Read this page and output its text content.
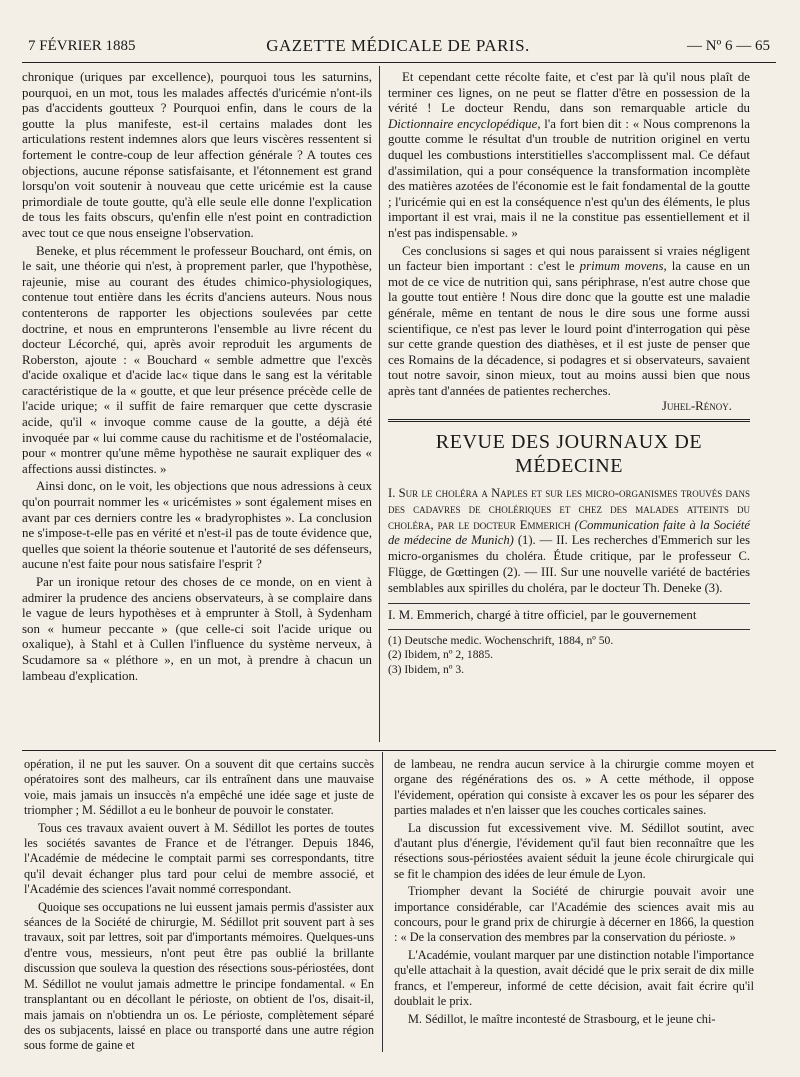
7 FÉVRIER 1885	GAZETTE MÉDICALE DE PARIS.	— Nº 6 — 65

chronique (uriques par excellence), pourquoi tous les saturnins, pourquoi, en un mot, tous les malades affectés d'uricémie n'ont-ils pas d'accidents goutteux ? Pourquoi enfin, dans le cours de la goutte la plus manifeste, est-il certains malades dont les articulations restent indemnes alors que leurs viscères ressentent si fortement le contre-coup de leur affection générale ? A toutes ces objections, aucune réponse satisfaisante, et l'étonnement est grand lorsqu'on voit soutenir à nouveau que cette uricémie est la cause primordiale de toute goutte, qu'à elle seule elle donne l'explication de tous les faits obscurs, qu'enfin elle n'est point en contradiction avec tout ce que nous enseigne l'observation.

Beneke, et plus récemment le professeur Bouchard, ont émis, on le sait, une théorie qui n'est, à proprement parler, que l'hypothèse, rajeunie, mise au courant des études chimico-physiologiques, contenue tout entière dans les écrits d'anciens auteurs. Nous nous contenterons de rapporter les objections soulevées par cette doctrine, et nous en emprunterons l'ensemble au livre récent du docteur Lécorché, qui, après avoir reproduit les arguments de Roberston, ajoute : « Bouchard « semble admettre que l'excès d'acide oxalique et d'acide lac« tique dans le sang est la véritable caractéristique de la « goutte, et que leur présence précède celle de l'acide urique; « il suffit de faire remarquer que cette dyscrasie acide, qu'il « invoque comme cause de la goutte, a déjà été invoquée par « lui comme cause du rachitisme et de l'ostéomalacie, pour « montrer qu'une même hypothèse ne saurait expliquer des « affections aussi distinctes. »

Ainsi donc, on le voit, les objections que nous adressions à ceux qu'on pourrait nommer les « uricémistes » sont également mises en avant par ces derniers contre les « bradyrophistes ». La conclusion ne s'impose-t-elle pas en vérité et n'est-il pas de toute évidence que, quelles que soient la théorie soutenue et l'autorité de ses défenseurs, aucune n'est faite pour nous satisfaire l'esprit ?

Par un ironique retour des choses de ce monde, on en vient à admirer la prudence des anciens observateurs, à se complaire dans le vague de leurs hypothèses et à emprunter à Stoll, à Sydenham son « humeur peccante » (que celle-ci soit l'acide urique ou oxalique), à Stahl et à Cullen l'influence du système nerveux, à Scudamore sa « pléthore », en un mot, à prendre à chacun un lambeau d'explication.

Et cependant cette récolte faite, et c'est par là qu'il nous plaît de terminer ces lignes, on ne peut se flatter d'être en possession de la vérité ! Le docteur Rendu, dans son remarquable article du Dictionnaire encyclopédique, l'a fort bien dit : « Nous comprenons la goutte comme le résultat d'un trouble de nutrition originel en vertu duquel les combustions interstitielles s'accomplissent mal. Ce défaut d'assimilation, qui a pour conséquence la transformation incomplète des matières azotées de l'économie est le fait fondamental de la goutte ; l'uricémie qui en est la conséquence n'est qu'un des éléments, le plus important il est vrai, mais il ne la constitue pas essentiellement et il n'est pas indispensable. »

Ces conclusions si sages et qui nous paraissent si vraies négligent un facteur bien important : c'est le primum movens, la cause en un mot de ce vice de nutrition qui, sans périphrase, n'est autre chose que la goutte tout entière ! Nous dire donc que la goutte est une maladie générale, même en tentant de nous le dire sous une forme aussi scientifique, ce n'est pas lever le lourd point d'interrogation qui pèse sur cette grande question des diathèses, et il est juste de penser que ces Romains de la décadence, si podagres et si observateurs, savaient tout notre savoir, sinon mieux, tout au moins aussi bien que nous après tant d'années de patientes recherches.

Juhel-Rénoy.
REVUE DES JOURNAUX DE MÉDECINE

I. Sur le choléra a Naples et sur les micro-organismes trouvés dans des cadavres de cholériques et chez des malades atteints du choléra, par le docteur Emmerich (Communication faite à la Société de médecine de Munich) (1). — II. Les recherches d'Emmerich sur les micro-organismes du choléra. Étude critique, par le professeur C. Flügge, de Gœttingen (2). — III. Sur une nouvelle variété de bactéries semblables aux spirilles du choléra, par le docteur Th. Deneke (3).

I. M. Emmerich, chargé à titre officiel, par le gouvernement

(1) Deutsche medic. Wochenschrift, 1884, nº 50.
(2) Ibidem, nº 2, 1885.
(3) Ibidem, nº 3.

opération, il ne put les sauver. On a souvent dit que certains succès opératoires sont des malheurs, car ils entraînent dans une mauvaise voie, mais jamais un insuccès n'a empêché une idée sage et juste de triompher ; M. Sédillot a eu le bonheur de pouvoir le constater.

Tous ces travaux avaient ouvert à M. Sédillot les portes de toutes les sociétés savantes de France et de l'étranger. Depuis 1846, l'Académie de médecine le comptait parmi ses correspondants, titre qu'il devait échanger plus tard pour celui de membre associé, et l'Académie des sciences l'avait nommé correspondant.

Quoique ses occupations ne lui eussent jamais permis d'assister aux séances de la Société de chirurgie, M. Sédillot prit souvent part à ses travaux, soit par lettres, soit par d'importants mémoires. Quelques-uns d'entre vous, messieurs, n'ont peut être pas oublié la brillante discussion que souleva la question des résections sous-périostées, dont M. Sédillot ne voulut jamais admettre le principe fondamental. « En transplantant ou en décollant le périoste, on obtient de l'os, disait-il, mais jamais on n'obtiendra un os. Le périoste, complètement séparé des os subjacents, laissé en place ou transporté dans une autre région sous forme de gaine et

de lambeau, ne rendra aucun service à la chirurgie comme moyen et organe des régénérations des os. » A cette méthode, il oppose l'évidement, opération qui consiste à excaver les os pour les séparer des parties malades et n'en laisser que les couches corticales saines.

La discussion fut excessivement vive. M. Sédillot soutint, avec d'autant plus d'énergie, l'évidement qu'il faut bien reconnaître que les résections sous-périostées avaient séduit la jeune école chirurgicale qui se fit le champion des idées de leur émule de Lyon.

Triompher devant la Société de chirurgie pouvait avoir une importance considérable, car l'Académie des sciences avait mis au concours, pour le grand prix de chirurgie à décerner en 1866, la question : « De la conservation des membres par la conservation du périoste. »

L'Académie, voulant marquer par une distinction notable l'importance qu'elle attachait à la question, avait décidé que le prix serait de dix mille francs, et l'empereur, informé de cette décision, avait fait écrire qu'il doublait le prix.

M. Sédillot, le maître incontesté de Strasbourg, et le jeune chi-
